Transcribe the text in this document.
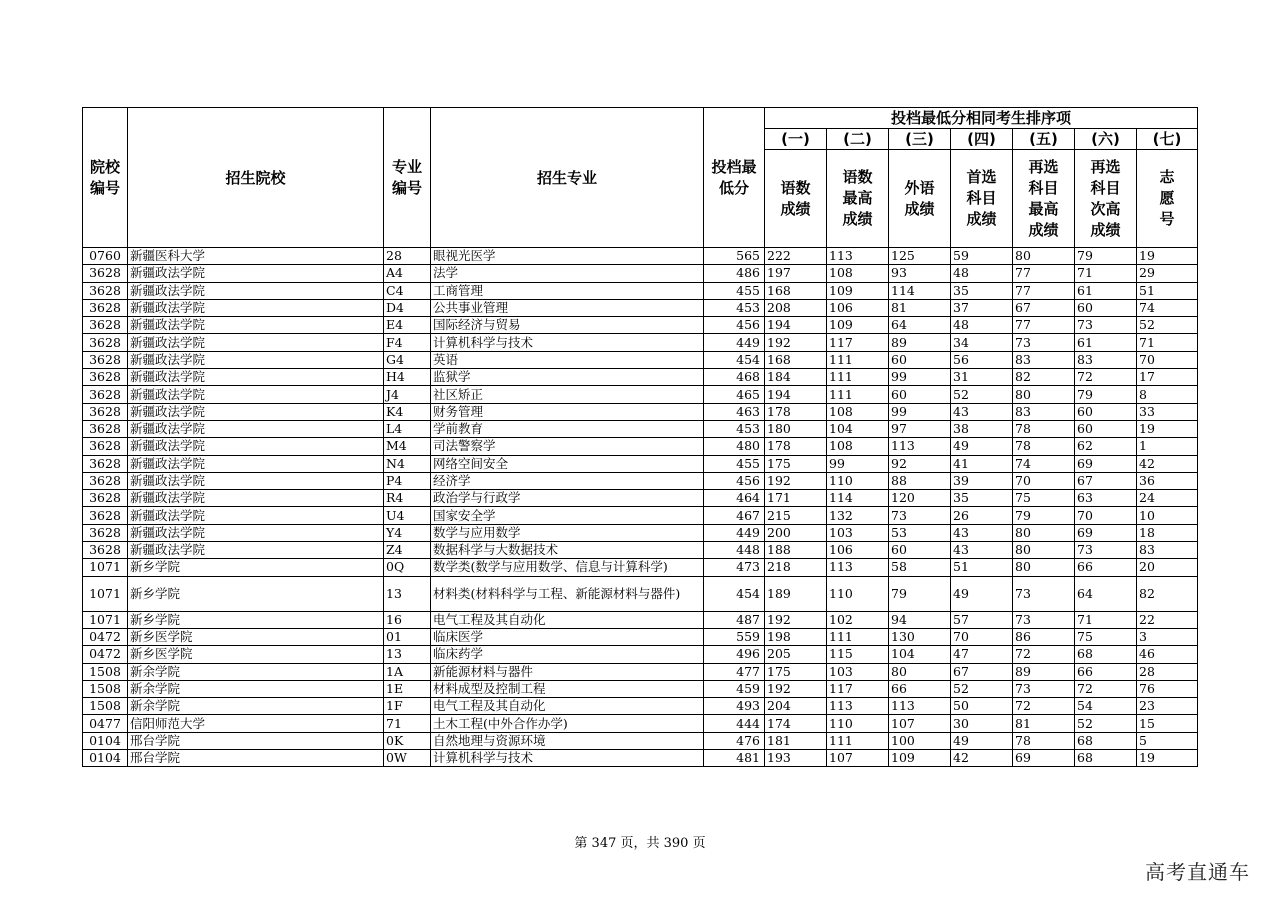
院校编号	招生院校	专业编号	招生专业	投档最低分	投档最低分相同考生排序项						
					(一)	(二)	(三)	(四)	(五)	(六)	(七)
					语数成绩	语数最高成绩	外语成绩	首选科目成绩	再选科目最高成绩	再选科目次高成绩	志愿号
0760	新疆医科大学	28	眼视光医学	565	222	113	125	59	80	79	19
3628	新疆政法学院	A4	法学	486	197	108	93	48	77	71	29
3628	新疆政法学院	C4	工商管理	455	168	109	114	35	77	61	51
3628	新疆政法学院	D4	公共事业管理	453	208	106	81	37	67	60	74
3628	新疆政法学院	E4	国际经济与贸易	456	194	109	64	48	77	73	52
3628	新疆政法学院	F4	计算机科学与技术	449	192	117	89	34	73	61	71
3628	新疆政法学院	G4	英语	454	168	111	60	56	83	83	70
3628	新疆政法学院	H4	监狱学	468	184	111	99	31	82	72	17
3628	新疆政法学院	J4	社区矫正	465	194	111	60	52	80	79	8
3628	新疆政法学院	K4	财务管理	463	178	108	99	43	83	60	33
3628	新疆政法学院	L4	学前教育	453	180	104	97	38	78	60	19
3628	新疆政法学院	M4	司法警察学	480	178	108	113	49	78	62	1
3628	新疆政法学院	N4	网络空间安全	455	175	99	92	41	74	69	42
3628	新疆政法学院	P4	经济学	456	192	110	88	39	70	67	36
3628	新疆政法学院	R4	政治学与行政学	464	171	114	120	35	75	63	24
3628	新疆政法学院	U4	国家安全学	467	215	132	73	26	79	70	10
3628	新疆政法学院	Y4	数学与应用数学	449	200	103	53	43	80	69	18
3628	新疆政法学院	Z4	数据科学与大数据技术	448	188	106	60	43	80	73	83
1071	新乡学院	0Q	数学类(数学与应用数学、信息与计算科学)	473	218	113	58	51	80	66	20
1071	新乡学院	13	材料类(材料科学与工程、新能源材料与器件)	454	189	110	79	49	73	64	82
1071	新乡学院	16	电气工程及其自动化	487	192	102	94	57	73	71	22
0472	新乡医学院	01	临床医学	559	198	111	130	70	86	75	3
0472	新乡医学院	13	临床药学	496	205	115	104	47	72	68	46
1508	新余学院	1A	新能源材料与器件	477	175	103	80	67	89	66	28
1508	新余学院	1E	材料成型及控制工程	459	192	117	66	52	73	72	76
1508	新余学院	1F	电气工程及其自动化	493	204	113	113	50	72	54	23
0477	信阳师范大学	71	土木工程(中外合作办学)	444	174	110	107	30	81	52	15
0104	邢台学院	0K	自然地理与资源环境	476	181	111	100	49	78	68	5
0104	邢台学院	0W	计算机科学与技术	481	193	107	109	42	69	68	19
第 347 页，共 390 页
高考直通车
